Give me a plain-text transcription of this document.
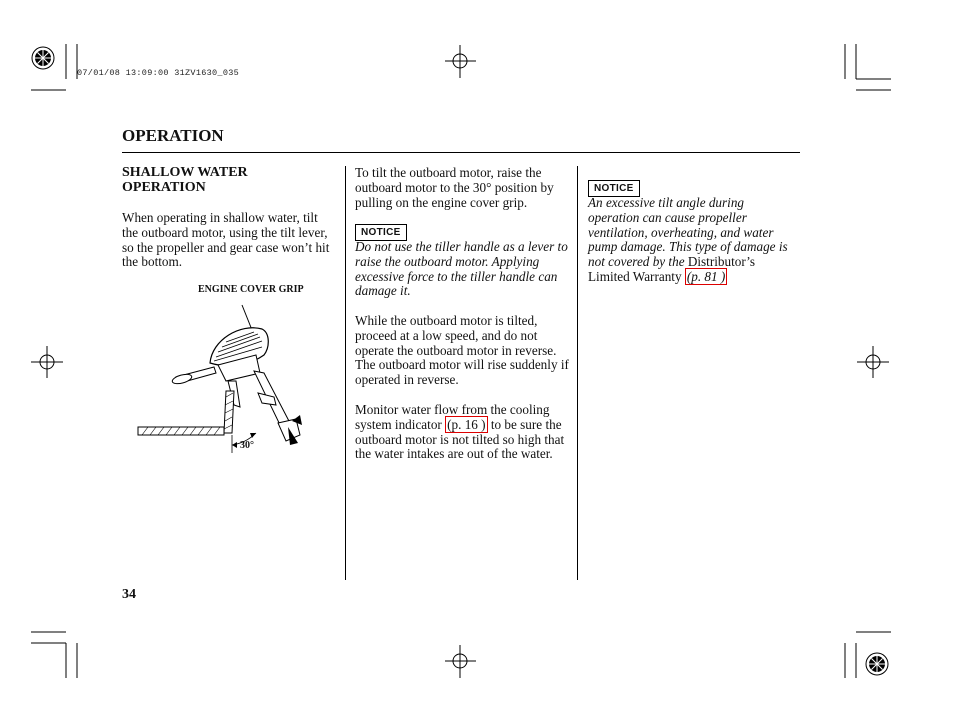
07/01/08 13:09:00 31ZV1630_035
OPERATION
SHALLOW WATER
OPERATION
When operating in shallow water, tilt the outboard motor, using the tilt lever, so the propeller and gear case won’t hit the bottom.
ENGINE COVER GRIP
30°
To tilt the outboard motor, raise the outboard motor to the 30° position by pulling on the engine cover grip.
NOTICE
Do not use the tiller handle as a lever to raise the outboard motor. Applying excessive force to the tiller handle can damage it.
While the outboard motor is tilted, proceed at a low speed, and do not operate the outboard motor in reverse. The outboard motor will rise suddenly if operated in reverse.
Monitor water flow from the cooling system indicator (p. 16 ) to be sure the outboard motor is not tilted so high that the water intakes are out of the water.
NOTICE
An excessive tilt angle during operation can cause propeller ventilation, overheating, and water pump damage. This type of damage is not covered by the Distributor’s Limited Warranty (p. 81 )
34
